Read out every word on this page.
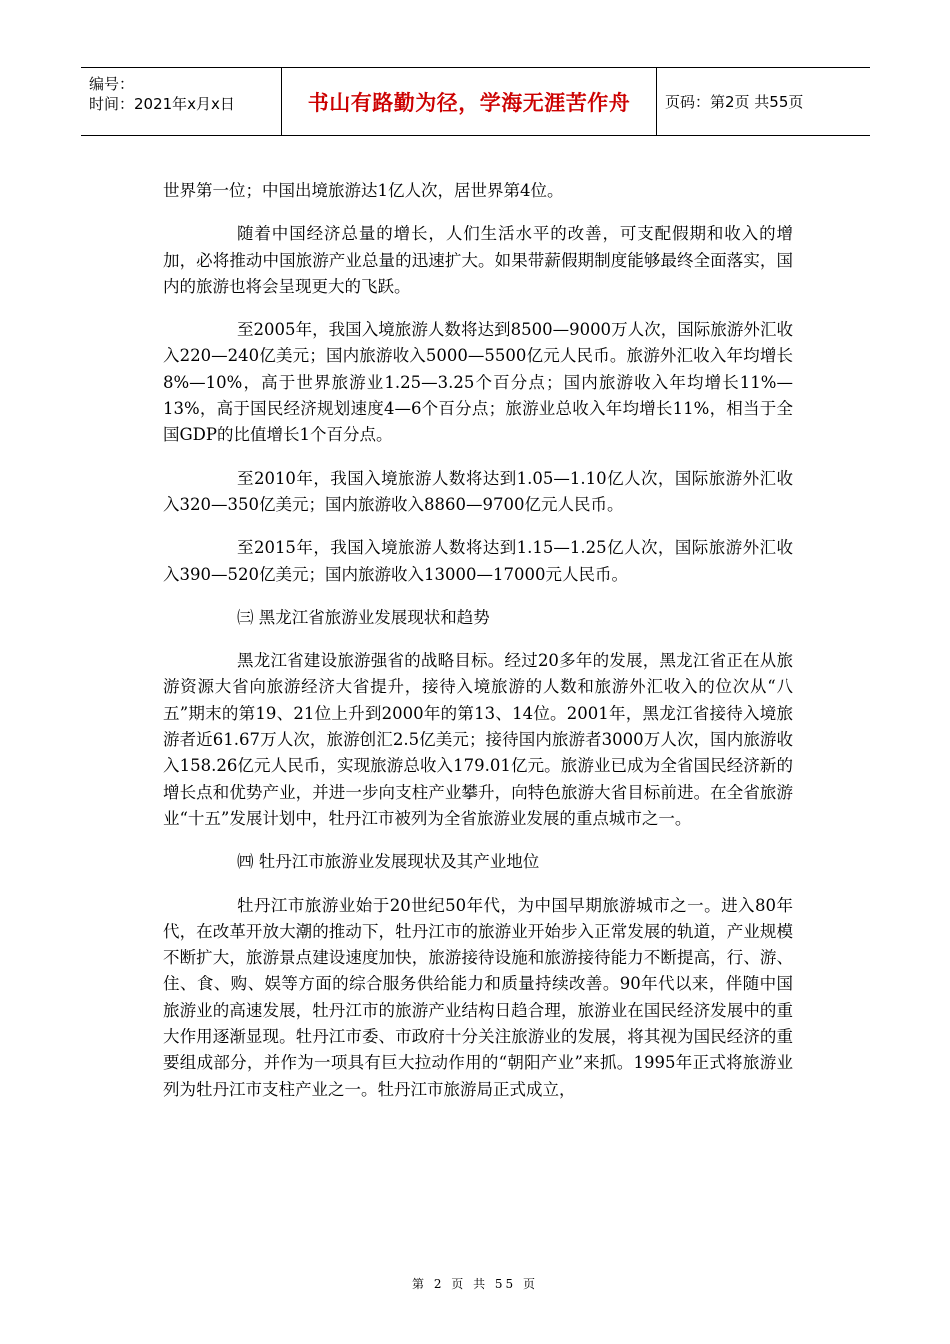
编号：
时间：2021年x月x日	书山有路勤为径，学海无涯苦作舟	页码：第2页 共55页

世界第一位；中国出境旅游达1亿人次，居世界第4位。

随着中国经济总量的增长，人们生活水平的改善，可支配假期和收入的增加，必将推动中国旅游产业总量的迅速扩大。如果带薪假期制度能够最终全面落实，国内的旅游也将会呈现更大的飞跃。

至2005年，我国入境旅游人数将达到8500—9000万人次，国际旅游外汇收入220—240亿美元；国内旅游收入5000—5500亿元人民币。旅游外汇收入年均增长8%—10%，高于世界旅游业1.25—3.25个百分点；国内旅游收入年均增长11%—13%，高于国民经济规划速度4—6个百分点；旅游业总收入年均增长11%，相当于全国GDP的比值增长1个百分点。

至2010年，我国入境旅游人数将达到1.05—1.10亿人次，国际旅游外汇收入320—350亿美元；国内旅游收入8860—9700亿元人民币。

至2015年，我国入境旅游人数将达到1.15—1.25亿人次，国际旅游外汇收入390—520亿美元；国内旅游收入13000—17000元人民币。

㈢ 黑龙江省旅游业发展现状和趋势

黑龙江省建设旅游强省的战略目标。经过20多年的发展，黑龙江省正在从旅游资源大省向旅游经济大省提升，接待入境旅游的人数和旅游外汇收入的位次从“八五”期末的第19、21位上升到2000年的第13、14位。2001年，黑龙江省接待入境旅游者近61.67万人次，旅游创汇2.5亿美元；接待国内旅游者3000万人次，国内旅游收入158.26亿元人民币，实现旅游总收入179.01亿元。旅游业已成为全省国民经济新的增长点和优势产业，并进一步向支柱产业攀升，向特色旅游大省目标前进。在全省旅游业“十五”发展计划中，牡丹江市被列为全省旅游业发展的重点城市之一。

㈣ 牡丹江市旅游业发展现状及其产业地位

牡丹江市旅游业始于20世纪50年代，为中国早期旅游城市之一。进入80年代，在改革开放大潮的推动下，牡丹江市的旅游业开始步入正常发展的轨道，产业规模不断扩大，旅游景点建设速度加快，旅游接待设施和旅游接待能力不断提高，行、游、住、食、购、娱等方面的综合服务供给能力和质量持续改善。90年代以来，伴随中国旅游业的高速发展，牡丹江市的旅游产业结构日趋合理，旅游业在国民经济发展中的重大作用逐渐显现。牡丹江市委、市政府十分关注旅游业的发展，将其视为国民经济的重要组成部分，并作为一项具有巨大拉动作用的“朝阳产业”来抓。1995年正式将旅游业列为牡丹江市支柱产业之一。牡丹江市旅游局正式成立，

第 2 页 共 55 页
